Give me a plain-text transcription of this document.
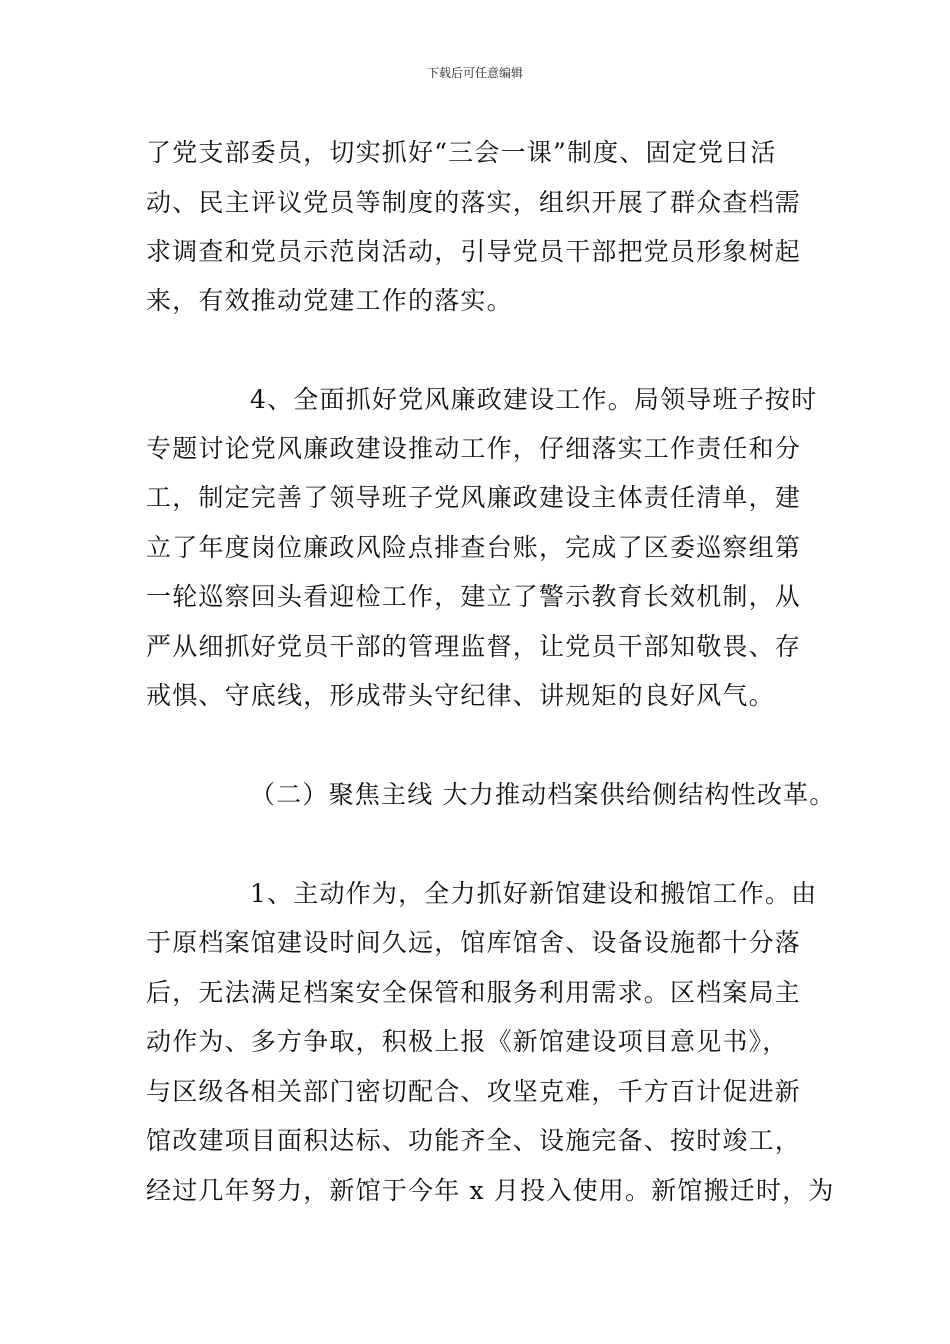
下载后可任意编辑
了党支部委员，切实抓好“三会一课”制度、固定党日活
动、民主评议党员等制度的落实，组织开展了群众查档需
求调查和党员示范岗活动，引导党员干部把党员形象树起
来，有效推动党建工作的落实。
4、全面抓好党风廉政建设工作。局领导班子按时
专题讨论党风廉政建设推动工作，仔细落实工作责任和分
工，制定完善了领导班子党风廉政建设主体责任清单，建
立了年度岗位廉政风险点排查台账，完成了区委巡察组第
一轮巡察回头看迎检工作，建立了警示教育长效机制，从
严从细抓好党员干部的管理监督，让党员干部知敬畏、存
戒惧、守底线，形成带头守纪律、讲规矩的良好风气。
（二）聚焦主线 大力推动档案供给侧结构性改革。
1、主动作为，全力抓好新馆建设和搬馆工作。由
于原档案馆建设时间久远，馆库馆舍、设备设施都十分落
后，无法满足档案安全保管和服务利用需求。区档案局主
动作为、多方争取，积极上报《新馆建设项目意见书》，
与区级各相关部门密切配合、攻坚克难，千方百计促进新
馆改建项目面积达标、功能齐全、设施完备、按时竣工，
经过几年努力，新馆于今年 x 月投入使用。新馆搬迁时，为
